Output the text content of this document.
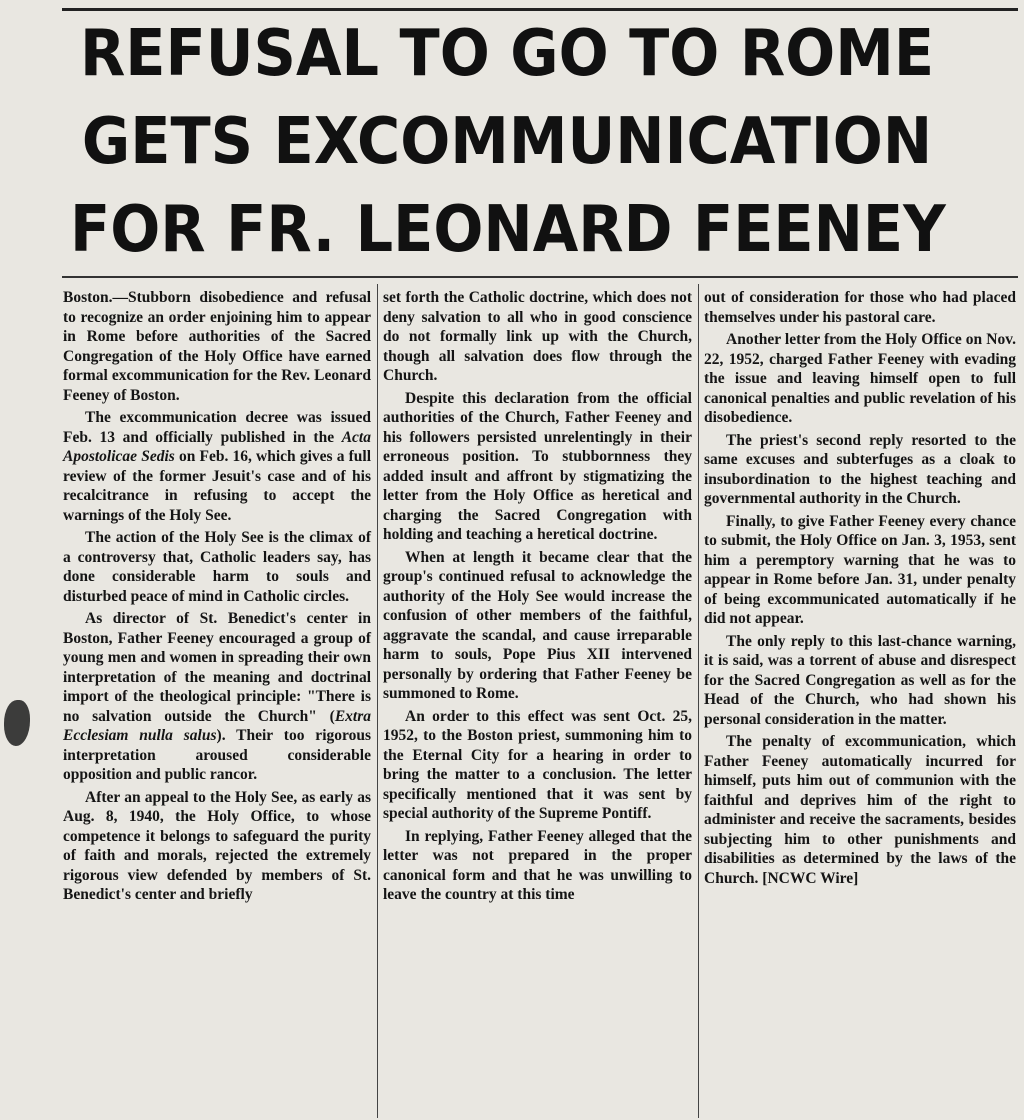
REFUSAL TO GO TO ROME
GETS EXCOMMUNICATION
FOR FR. LEONARD FEENEY

Boston.—Stubborn disobedience and refusal to recognize an order enjoining him to appear in Rome before authorities of the Sacred Congregation of the Holy Office have earned formal excommunication for the Rev. Leonard Feeney of Boston.

The excommunication decree was issued Feb. 13 and officially published in the Acta Apostolicae Sedis on Feb. 16, which gives a full review of the former Jesuit's case and of his recalcitrance in refusing to accept the warnings of the Holy See.

The action of the Holy See is the climax of a controversy that, Catholic leaders say, has done considerable harm to souls and disturbed peace of mind in Catholic circles.

As director of St. Benedict's center in Boston, Father Feeney encouraged a group of young men and women in spreading their own interpretation of the meaning and doctrinal import of the theological principle: "There is no salvation outside the Church" (Extra Ecclesiam nulla salus). Their too rigorous interpretation aroused considerable opposition and public rancor.

After an appeal to the Holy See, as early as Aug. 8, 1940, the Holy Office, to whose competence it belongs to safeguard the purity of faith and morals, rejected the extremely rigorous view defended by members of St. Benedict's center and briefly

set forth the Catholic doctrine, which does not deny salvation to all who in good conscience do not formally link up with the Church, though all salvation does flow through the Church.

Despite this declaration from the official authorities of the Church, Father Feeney and his followers persisted unrelentingly in their erroneous position. To stubbornness they added insult and affront by stigmatizing the letter from the Holy Office as heretical and charging the Sacred Congregation with holding and teaching a heretical doctrine.

When at length it became clear that the group's continued refusal to acknowledge the authority of the Holy See would increase the confusion of other members of the faithful, aggravate the scandal, and cause irreparable harm to souls, Pope Pius XII intervened personally by ordering that Father Feeney be summoned to Rome.

An order to this effect was sent Oct. 25, 1952, to the Boston priest, summoning him to the Eternal City for a hearing in order to bring the matter to a conclusion. The letter specifically mentioned that it was sent by special authority of the Supreme Pontiff.

In replying, Father Feeney alleged that the letter was not prepared in the proper canonical form and that he was unwilling to leave the country at this time

out of consideration for those who had placed themselves under his pastoral care.

Another letter from the Holy Office on Nov. 22, 1952, charged Father Feeney with evading the issue and leaving himself open to full canonical penalties and public revelation of his disobedience.

The priest's second reply resorted to the same excuses and subterfuges as a cloak to insubordination to the highest teaching and governmental authority in the Church.

Finally, to give Father Feeney every chance to submit, the Holy Office on Jan. 3, 1953, sent him a peremptory warning that he was to appear in Rome before Jan. 31, under penalty of being excommunicated automatically if he did not appear.

The only reply to this last-chance warning, it is said, was a torrent of abuse and disrespect for the Sacred Congregation as well as for the Head of the Church, who had shown his personal consideration in the matter.

The penalty of excommunication, which Father Feeney automatically incurred for himself, puts him out of communion with the faithful and deprives him of the right to administer and receive the sacraments, besides subjecting him to other punishments and disabilities as determined by the laws of the Church. [NCWC Wire]
